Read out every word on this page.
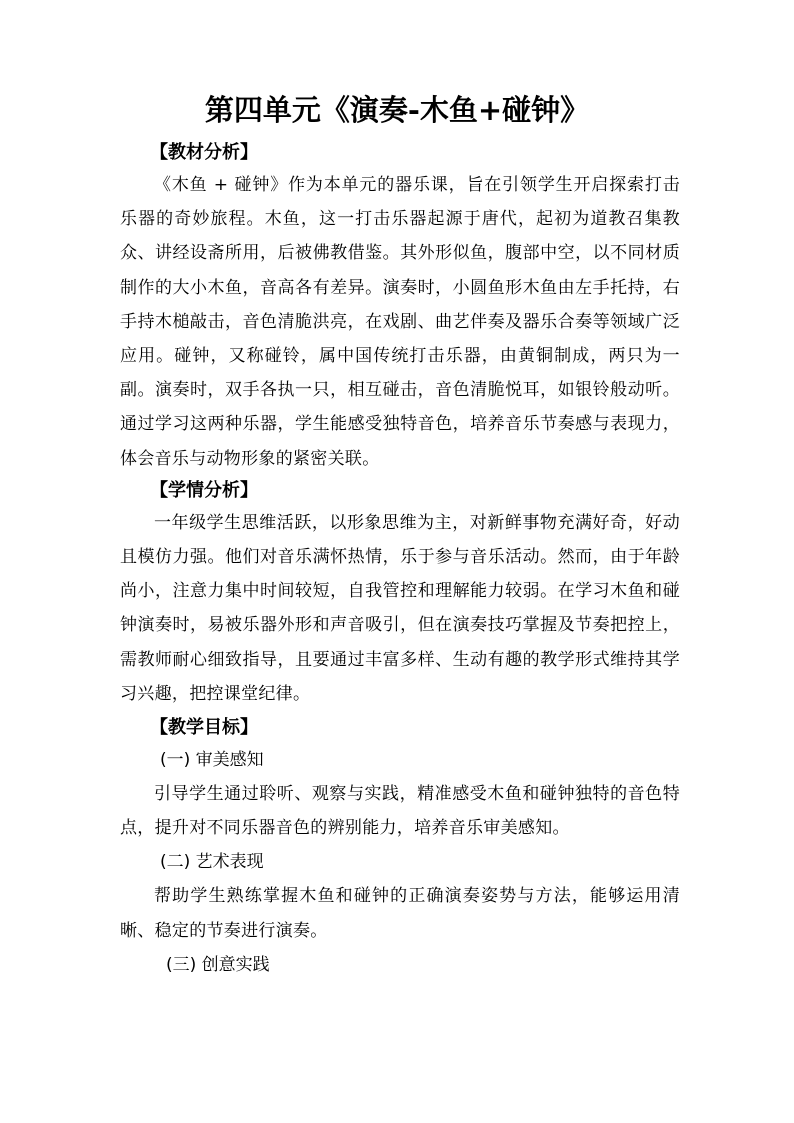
第四单元《演奏-木鱼+碰钟》
【教材分析】

《木鱼 + 碰钟》作为本单元的器乐课，旨在引领学生开启探索打击乐器的奇妙旅程。木鱼，这一打击乐器起源于唐代，起初为道教召集教众、讲经设斋所用，后被佛教借鉴。其外形似鱼，腹部中空，以不同材质制作的大小木鱼，音高各有差异。演奏时，小圆鱼形木鱼由左手托持，右手持木槌敲击，音色清脆洪亮，在戏剧、曲艺伴奏及器乐合奏等领域广泛应用。碰钟，又称碰铃，属中国传统打击乐器，由黄铜制成，两只为一副。演奏时，双手各执一只，相互碰击，音色清脆悦耳，如银铃般动听。通过学习这两种乐器，学生能感受独特音色，培养音乐节奏感与表现力，体会音乐与动物形象的紧密关联。

【学情分析】

一年级学生思维活跃，以形象思维为主，对新鲜事物充满好奇，好动且模仿力强。他们对音乐满怀热情，乐于参与音乐活动。然而，由于年龄尚小，注意力集中时间较短，自我管控和理解能力较弱。在学习木鱼和碰钟演奏时，易被乐器外形和声音吸引，但在演奏技巧掌握及节奏把控上，需教师耐心细致指导，且要通过丰富多样、生动有趣的教学形式维持其学习兴趣，把控课堂纪律。

【教学目标】
(一) 审美感知

引导学生通过聆听、观察与实践，精准感受木鱼和碰钟独特的音色特点，提升对不同乐器音色的辨别能力，培养音乐审美感知。

(二) 艺术表现

帮助学生熟练掌握木鱼和碰钟的正确演奏姿势与方法，能够运用清晰、稳定的节奏进行演奏。

(三) 创意实践
